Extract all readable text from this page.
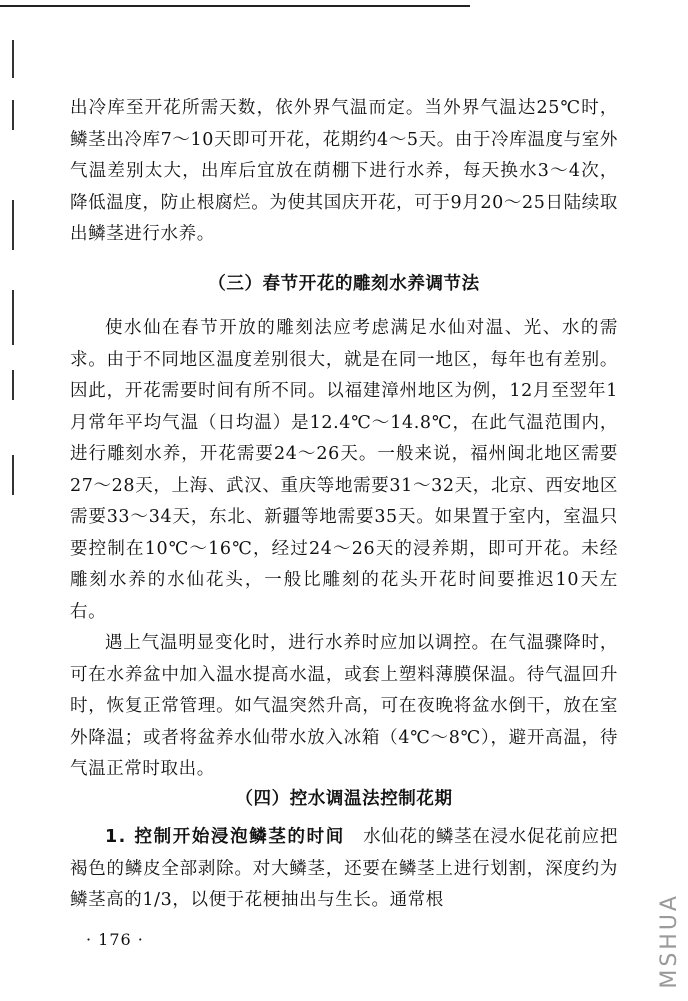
出冷库至开花所需天数，依外界气温而定。当外界气温达25℃时，鳞茎出冷库7～10天即可开花，花期约4～5天。由于冷库温度与室外气温差别太大，出库后宜放在荫棚下进行水养，每天换水3～4次，降低温度，防止根腐烂。为使其国庆开花，可于9月20～25日陆续取出鳞茎进行水养。

（三）春节开花的雕刻水养调节法

使水仙在春节开放的雕刻法应考虑满足水仙对温、光、水的需求。由于不同地区温度差别很大，就是在同一地区，每年也有差别。因此，开花需要时间有所不同。以福建漳州地区为例，12月至翌年1月常年平均气温（日均温）是12.4℃～14.8℃，在此气温范围内，进行雕刻水养，开花需要24～26天。一般来说，福州闽北地区需要27～28天，上海、武汉、重庆等地需要31～32天，北京、西安地区需要33～34天，东北、新疆等地需要35天。如果置于室内，室温只要控制在10℃～16℃，经过24～26天的浸养期，即可开花。未经雕刻水养的水仙花头，一般比雕刻的花头开花时间要推迟10天左右。

遇上气温明显变化时，进行水养时应加以调控。在气温骤降时，可在水养盆中加入温水提高水温，或套上塑料薄膜保温。待气温回升时，恢复正常管理。如气温突然升高，可在夜晚将盆水倒干，放在室外降温；或者将盆养水仙带水放入冰箱（4℃～8℃），避开高温，待气温正常时取出。

（四）控水调温法控制花期

1. 控制开始浸泡鳞茎的时间　 水仙花的鳞茎在浸水促花前应把褐色的鳞皮全部剥除。对大鳞茎，还要在鳞茎上进行划割，深度约为鳞茎高的1/3，以便于花梗抽出与生长。通常根

· 176 ·	MSHUA
